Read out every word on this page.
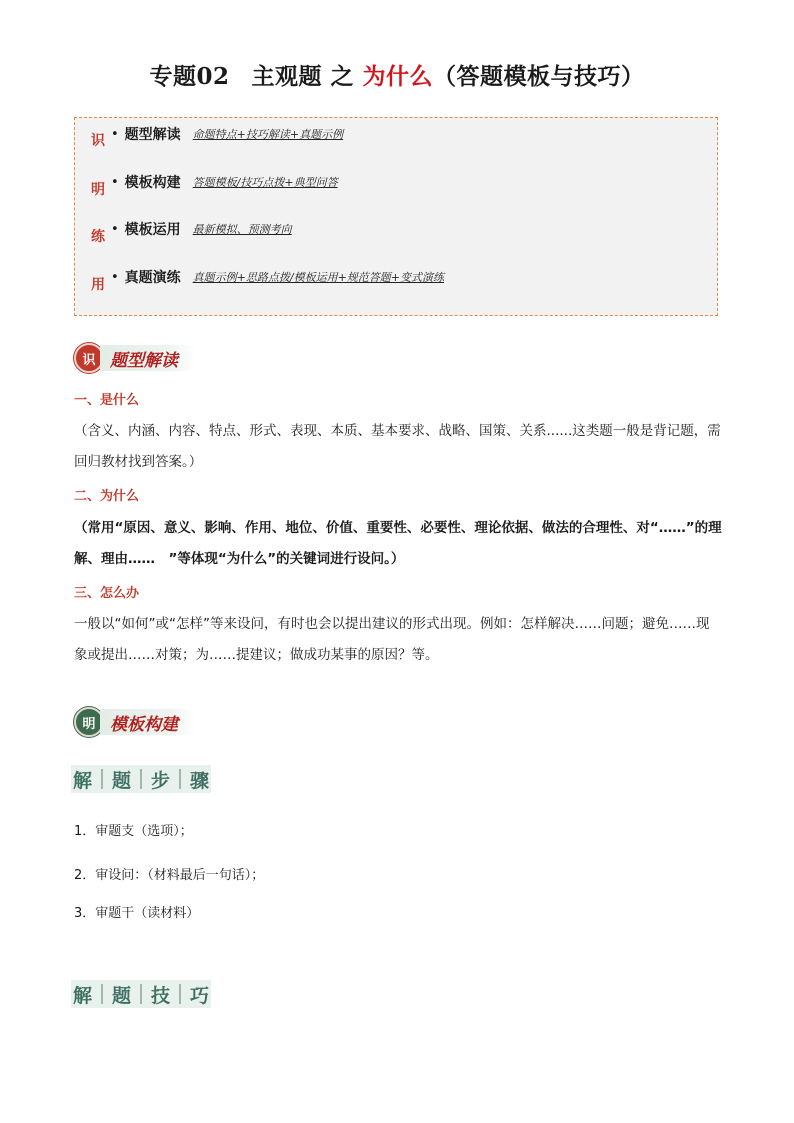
专题02 主观题 之 为什么（答题模板与技巧）
识
明
练
用
• 题型解读 命题特点+技巧解读+真题示例
• 模板构建 答题模板/技巧点拨+典型问答
• 模板运用 最新模拟、预测考向
• 真题演练 真题示例+思路点拨/模板运用+规范答题+变式演练
识 题型解读
一、是什么
（含义、内涵、内容、特点、形式、表现、本质、基本要求、战略、国策、关系......这类题一般是背记题，需回归教材找到答案。）
二、为什么
（常用“原因、意义、影响、作用、地位、价值、重要性、必要性、理论依据、做法的合理性、对“……”的理解、理由……　”等体现“为什么”的关键词进行设问。）
三、怎么办
一般以“如何”或“怎样”等来设问，有时也会以提出建议的形式出现。例如：怎样解决……问题；避免……现象或提出……对策；为……提建议；做成功某事的原因？等。
明 模板构建
解 题 步 骤
1．审题支（选项）；
2．审设问：（材料最后一句话）；
3．审题干（读材料）
解 题 技 巧
